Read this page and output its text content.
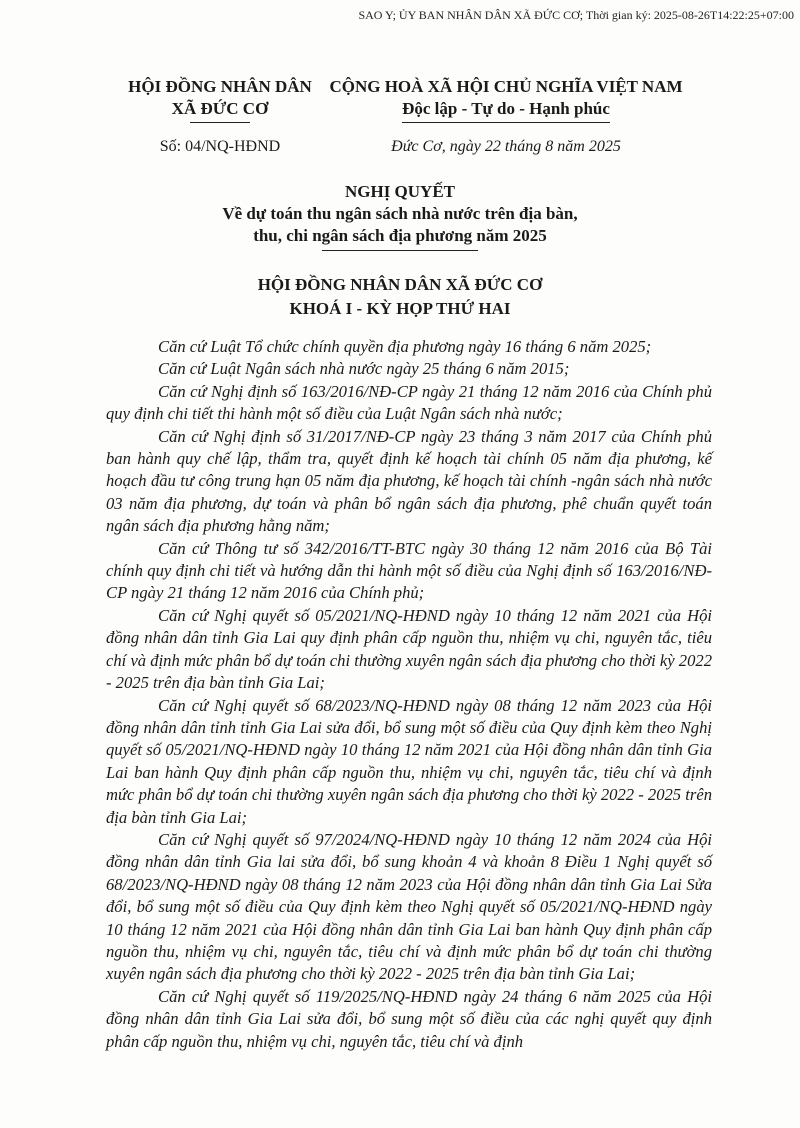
SAO Y; ỦY BAN NHÂN DÂN XÃ ĐỨC CƠ; Thời gian ký: 2025-08-26T14:22:25+07:00
HỘI ĐỒNG NHÂN DÂN
XÃ ĐỨC CƠ
Số: 04/NQ-HĐND
CỘNG HOÀ XÃ HỘI CHỦ NGHĨA VIỆT NAM
Độc lập - Tự do - Hạnh phúc
Đức Cơ, ngày 22 tháng 8 năm 2025
NGHỊ QUYẾT
Về dự toán thu ngân sách nhà nước trên địa bàn,
thu, chi ngân sách địa phương năm 2025
HỘI ĐỒNG NHÂN DÂN XÃ ĐỨC CƠ
KHOÁ I - KỲ HỌP THỨ HAI

Căn cứ Luật Tổ chức chính quyền địa phương ngày 16 tháng 6 năm 2025;

Căn cứ Luật Ngân sách nhà nước ngày 25 tháng 6 năm 2015;

Căn cứ Nghị định số 163/2016/NĐ-CP ngày 21 tháng 12 năm 2016 của Chính phủ quy định chi tiết thi hành một số điều của Luật Ngân sách nhà nước;

Căn cứ Nghị định số 31/2017/NĐ-CP ngày 23 tháng 3 năm 2017 của Chính phủ ban hành quy chế lập, thẩm tra, quyết định kế hoạch tài chính 05 năm địa phương, kế hoạch đầu tư công trung hạn 05 năm địa phương, kế hoạch tài chính -ngân sách nhà nước 03 năm địa phương, dự toán và phân bổ ngân sách địa phương, phê chuẩn quyết toán ngân sách địa phương hằng năm;

Căn cứ Thông tư số 342/2016/TT-BTC ngày 30 tháng 12 năm 2016 của Bộ Tài chính quy định chi tiết và hướng dẫn thi hành một số điều của Nghị định số 163/2016/NĐ-CP ngày 21 tháng 12 năm 2016 của Chính phủ;

Căn cứ Nghị quyết số 05/2021/NQ-HĐND ngày 10 tháng 12 năm 2021 của Hội đồng nhân dân tỉnh Gia Lai quy định phân cấp nguồn thu, nhiệm vụ chi, nguyên tắc, tiêu chí và định mức phân bổ dự toán chi thường xuyên ngân sách địa phương cho thời kỳ 2022 - 2025 trên địa bàn tỉnh Gia Lai;

Căn cứ Nghị quyết số 68/2023/NQ-HĐND ngày 08 tháng 12 năm 2023 của Hội đồng nhân dân tỉnh tỉnh Gia Lai sửa đổi, bổ sung một số điều của Quy định kèm theo Nghị quyết số 05/2021/NQ-HĐND ngày 10 tháng 12 năm 2021 của Hội đồng nhân dân tỉnh Gia Lai ban hành Quy định phân cấp nguồn thu, nhiệm vụ chi, nguyên tắc, tiêu chí và định mức phân bổ dự toán chi thường xuyên ngân sách địa phương cho thời kỳ 2022 - 2025 trên địa bàn tỉnh Gia Lai;

Căn cứ Nghị quyết số 97/2024/NQ-HĐND ngày 10 tháng 12 năm 2024 của Hội đồng nhân dân tỉnh Gia lai sửa đổi, bổ sung khoản 4 và khoản 8 Điều 1 Nghị quyết số 68/2023/NQ-HĐND ngày 08 tháng 12 năm 2023 của Hội đồng nhân dân tỉnh Gia Lai Sửa đổi, bổ sung một số điều của Quy định kèm theo Nghị quyết số 05/2021/NQ-HĐND ngày 10 tháng 12 năm 2021 của Hội đồng nhân dân tỉnh Gia Lai ban hành Quy định phân cấp nguồn thu, nhiệm vụ chi, nguyên tắc, tiêu chí và định mức phân bổ dự toán chi thường xuyên ngân sách địa phương cho thời kỳ 2022 - 2025 trên địa bàn tỉnh Gia Lai;

Căn cứ Nghị quyết số 119/2025/NQ-HĐND ngày 24 tháng 6 năm 2025 của Hội đồng nhân dân tỉnh Gia Lai sửa đổi, bổ sung một số điều của các nghị quyết quy định phân cấp nguồn thu, nhiệm vụ chi, nguyên tắc, tiêu chí và định
